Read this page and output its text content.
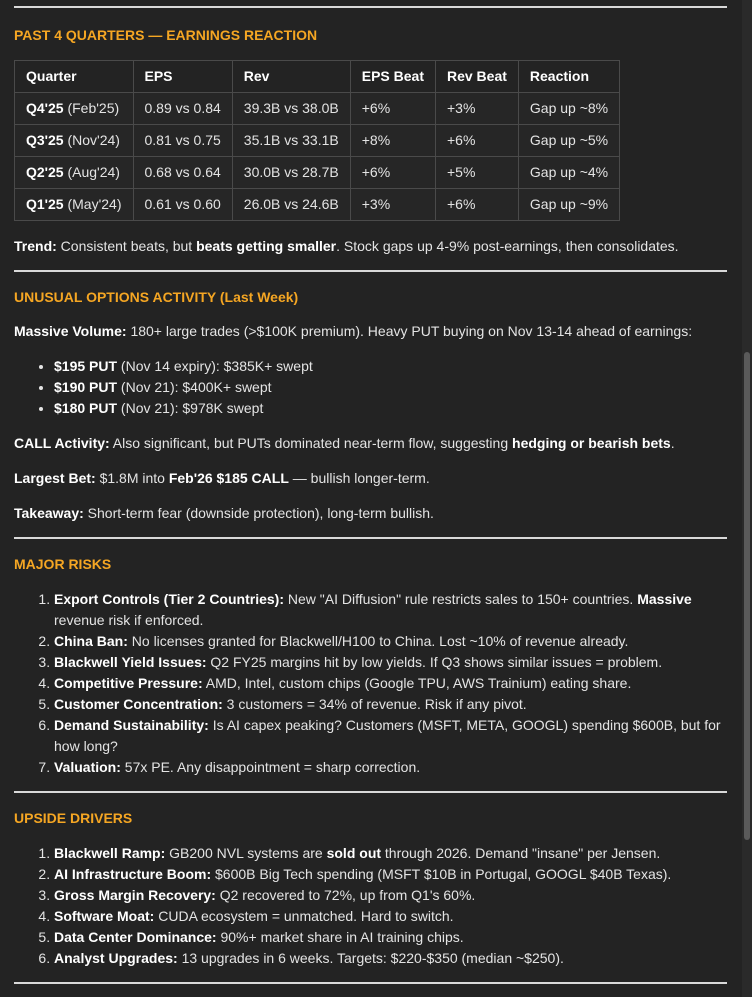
PAST 4 QUARTERS — EARNINGS REACTION
Quarter	EPS	Rev	EPS Beat	Rev Beat	Reaction
Q4'25 (Feb'25)	0.89 vs 0.84	39.3B vs 38.0B	+6%	+3%	Gap up ~8%
Q3'25 (Nov'24)	0.81 vs 0.75	35.1B vs 33.1B	+8%	+6%	Gap up ~5%
Q2'25 (Aug'24)	0.68 vs 0.64	30.0B vs 28.7B	+6%	+5%	Gap up ~4%
Q1'25 (May'24)	0.61 vs 0.60	26.0B vs 24.6B	+3%	+6%	Gap up ~9%

Trend: Consistent beats, but beats getting smaller. Stock gaps up 4-9% post-earnings, then consolidates.

UNUSUAL OPTIONS ACTIVITY (Last Week)

Massive Volume: 180+ large trades (>$100K premium). Heavy PUT buying on Nov 13-14 ahead of earnings:

• $195 PUT (Nov 14 expiry): $385K+ swept
• $190 PUT (Nov 21): $400K+ swept
• $180 PUT (Nov 21): $978K swept

CALL Activity: Also significant, but PUTs dominated near-term flow, suggesting hedging or bearish bets.

Largest Bet: $1.8M into Feb'26 $185 CALL — bullish longer-term.

Takeaway: Short-term fear (downside protection), long-term bullish.

MAJOR RISKS
1. Export Controls (Tier 2 Countries): New "AI Diffusion" rule restricts sales to 150+ countries. Massive revenue risk if enforced.
2. China Ban: No licenses granted for Blackwell/H100 to China. Lost ~10% of revenue already.
3. Blackwell Yield Issues: Q2 FY25 margins hit by low yields. If Q3 shows similar issues = problem.
4. Competitive Pressure: AMD, Intel, custom chips (Google TPU, AWS Trainium) eating share.
5. Customer Concentration: 3 customers = 34% of revenue. Risk if any pivot.
6. Demand Sustainability: Is AI capex peaking? Customers (MSFT, META, GOOGL) spending $600B, but for how long?
7. Valuation: 57x PE. Any disappointment = sharp correction.
UPSIDE DRIVERS
1. Blackwell Ramp: GB200 NVL systems are sold out through 2026. Demand "insane" per Jensen.
2. AI Infrastructure Boom: $600B Big Tech spending (MSFT $10B in Portugal, GOOGL $40B Texas).
3. Gross Margin Recovery: Q2 recovered to 72%, up from Q1's 60%.
4. Software Moat: CUDA ecosystem = unmatched. Hard to switch.
5. Data Center Dominance: 90%+ market share in AI training chips.
6. Analyst Upgrades: 13 upgrades in 6 weeks. Targets: $220-$350 (median ~$250).
